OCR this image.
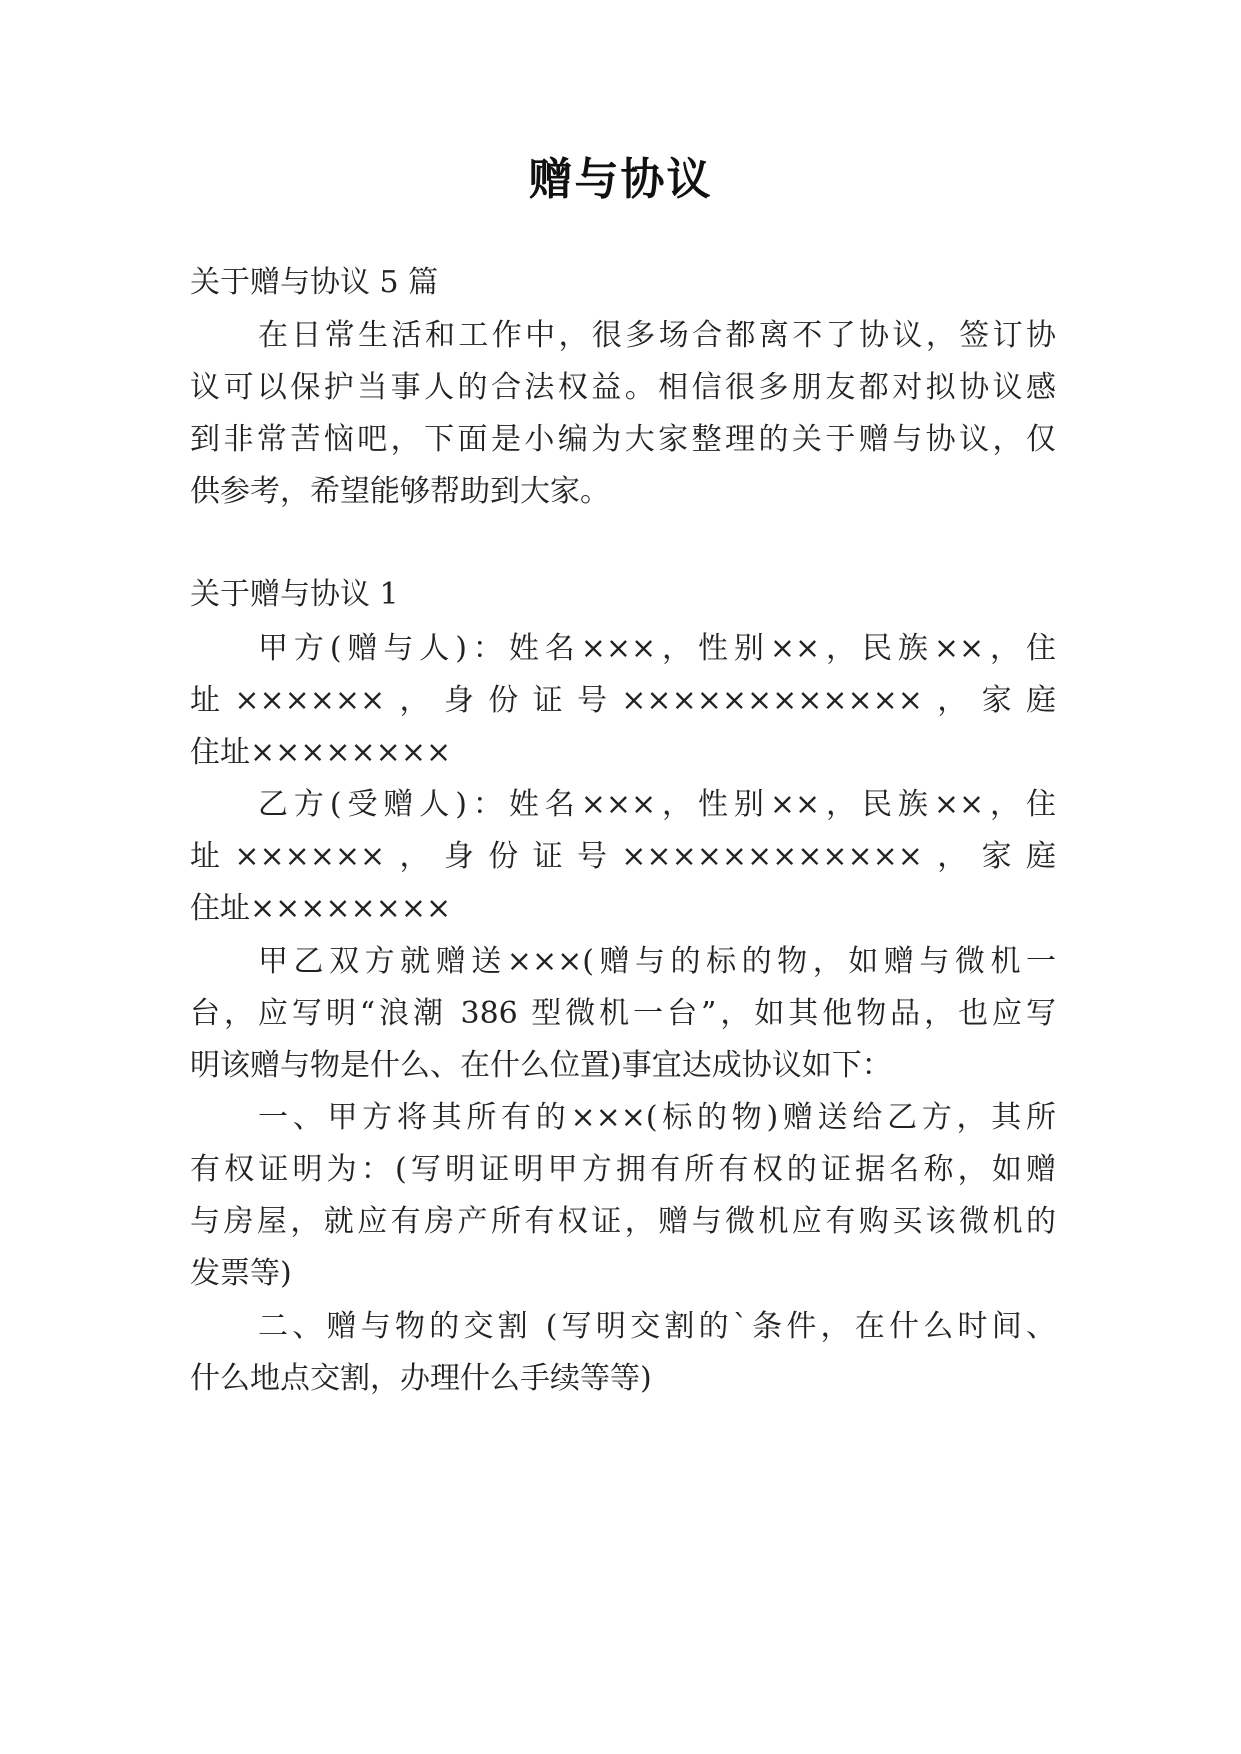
赠与协议
关于赠与协议 5 篇
在日常生活和工作中，很多场合都离不了协议，签订协
议可以保护当事人的合法权益。相信很多朋友都对拟协议感
到非常苦恼吧，下面是小编为大家整理的关于赠与协议，仅
供参考，希望能够帮助到大家。
关于赠与协议 1
甲方(赠与人)：姓名×××，性别××，民族××，住
址××××××，身份证号××××××××××××，家庭
住址××××××××
乙方(受赠人)：姓名×××，性别××，民族××，住
址××××××，身份证号××××××××××××，家庭
住址××××××××
甲乙双方就赠送×××(赠与的标的物，如赠与微机一
台，应写明“浪潮 386 型微机一台”，如其他物品，也应写
明该赠与物是什么、在什么位置)事宜达成协议如下：
一、甲方将其所有的×××(标的物)赠送给乙方，其所
有权证明为：(写明证明甲方拥有所有权的证据名称，如赠
与房屋，就应有房产所有权证，赠与微机应有购买该微机的
发票等)
二、赠与物的交割 (写明交割的`条件，在什么时间、
什么地点交割，办理什么手续等等)
